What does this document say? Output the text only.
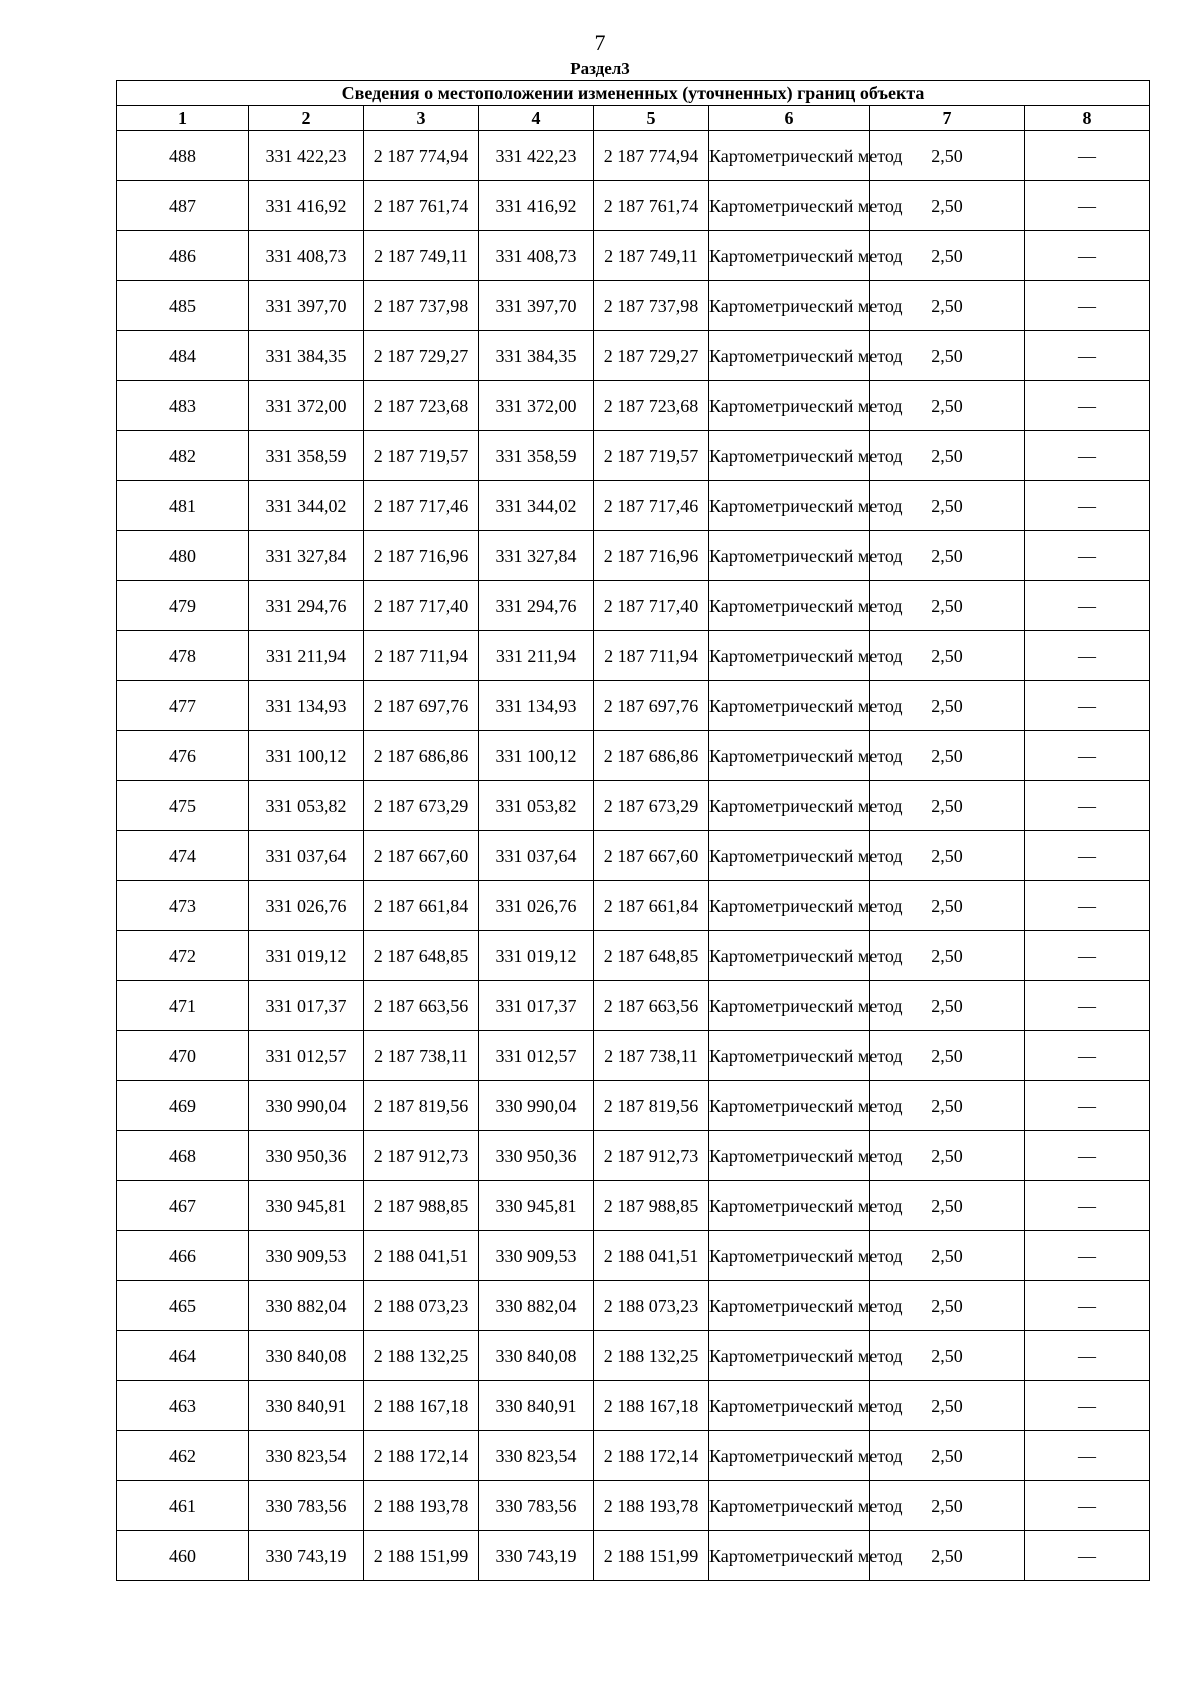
7
Раздел3
Сведения о местоположении измененных (уточненных) границ объекта							
1	2	3	4	5	6	7	8
488	331 422,23	2 187 774,94	331 422,23	2 187 774,94	Картометрический метод	2,50	—
487	331 416,92	2 187 761,74	331 416,92	2 187 761,74	Картометрический метод	2,50	—
486	331 408,73	2 187 749,11	331 408,73	2 187 749,11	Картометрический метод	2,50	—
485	331 397,70	2 187 737,98	331 397,70	2 187 737,98	Картометрический метод	2,50	—
484	331 384,35	2 187 729,27	331 384,35	2 187 729,27	Картометрический метод	2,50	—
483	331 372,00	2 187 723,68	331 372,00	2 187 723,68	Картометрический метод	2,50	—
482	331 358,59	2 187 719,57	331 358,59	2 187 719,57	Картометрический метод	2,50	—
481	331 344,02	2 187 717,46	331 344,02	2 187 717,46	Картометрический метод	2,50	—
480	331 327,84	2 187 716,96	331 327,84	2 187 716,96	Картометрический метод	2,50	—
479	331 294,76	2 187 717,40	331 294,76	2 187 717,40	Картометрический метод	2,50	—
478	331 211,94	2 187 711,94	331 211,94	2 187 711,94	Картометрический метод	2,50	—
477	331 134,93	2 187 697,76	331 134,93	2 187 697,76	Картометрический метод	2,50	—
476	331 100,12	2 187 686,86	331 100,12	2 187 686,86	Картометрический метод	2,50	—
475	331 053,82	2 187 673,29	331 053,82	2 187 673,29	Картометрический метод	2,50	—
474	331 037,64	2 187 667,60	331 037,64	2 187 667,60	Картометрический метод	2,50	—
473	331 026,76	2 187 661,84	331 026,76	2 187 661,84	Картометрический метод	2,50	—
472	331 019,12	2 187 648,85	331 019,12	2 187 648,85	Картометрический метод	2,50	—
471	331 017,37	2 187 663,56	331 017,37	2 187 663,56	Картометрический метод	2,50	—
470	331 012,57	2 187 738,11	331 012,57	2 187 738,11	Картометрический метод	2,50	—
469	330 990,04	2 187 819,56	330 990,04	2 187 819,56	Картометрический метод	2,50	—
468	330 950,36	2 187 912,73	330 950,36	2 187 912,73	Картометрический метод	2,50	—
467	330 945,81	2 187 988,85	330 945,81	2 187 988,85	Картометрический метод	2,50	—
466	330 909,53	2 188 041,51	330 909,53	2 188 041,51	Картометрический метод	2,50	—
465	330 882,04	2 188 073,23	330 882,04	2 188 073,23	Картометрический метод	2,50	—
464	330 840,08	2 188 132,25	330 840,08	2 188 132,25	Картометрический метод	2,50	—
463	330 840,91	2 188 167,18	330 840,91	2 188 167,18	Картометрический метод	2,50	—
462	330 823,54	2 188 172,14	330 823,54	2 188 172,14	Картометрический метод	2,50	—
461	330 783,56	2 188 193,78	330 783,56	2 188 193,78	Картометрический метод	2,50	—
460	330 743,19	2 188 151,99	330 743,19	2 188 151,99	Картометрический метод	2,50	—
